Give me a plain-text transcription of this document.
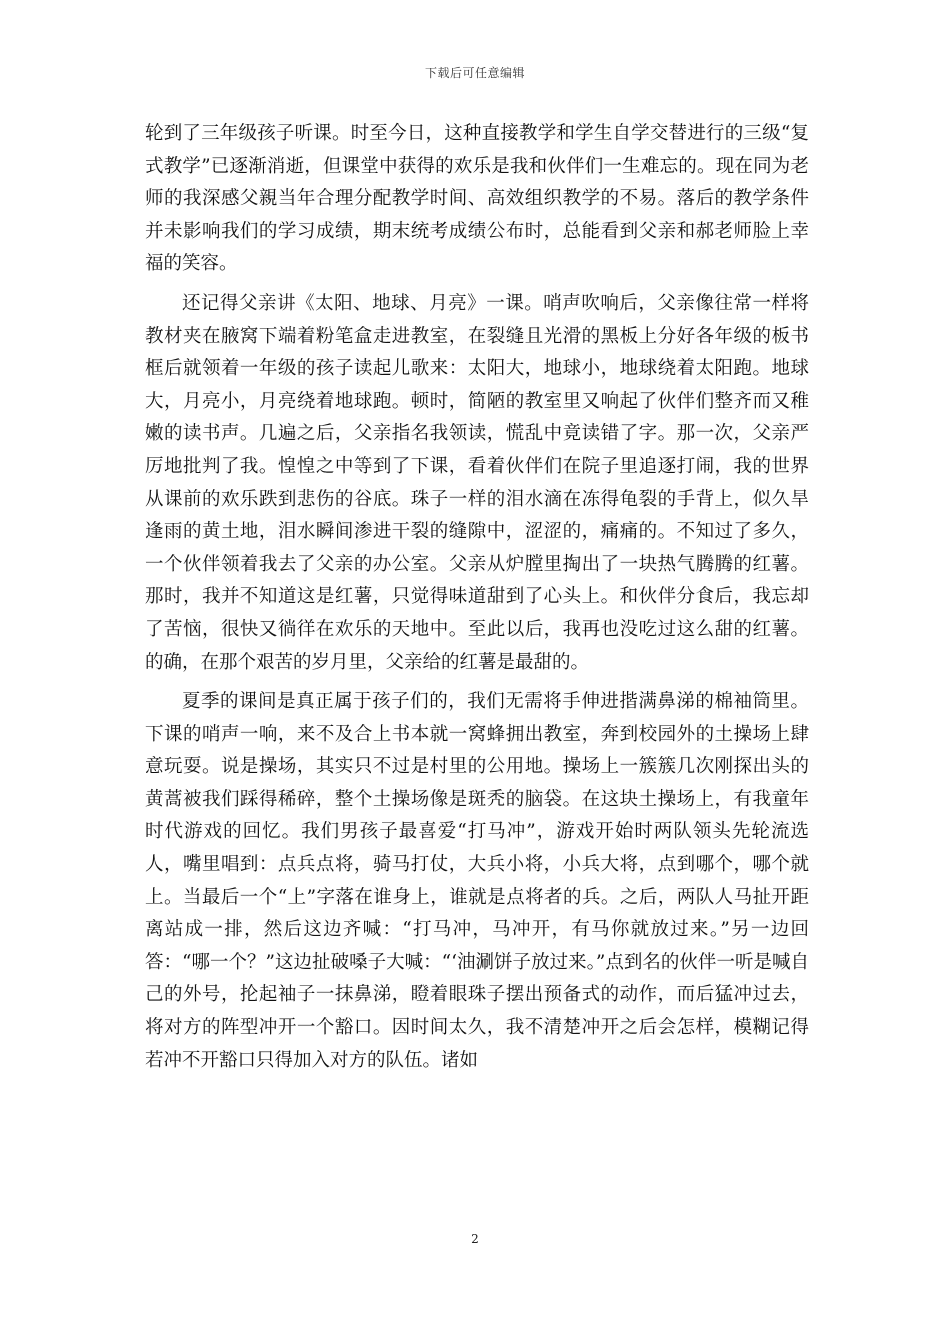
下载后可任意编辑

轮到了三年级孩子听课。时至今日，这种直接教学和学生自学交替进行的三级“复式教学”已逐渐消逝，但课堂中获得的欢乐是我和伙伴们一生难忘的。现在同为老师的我深感父親当年合理分配教学时间、高效组织教学的不易。落后的教学条件并未影响我们的学习成绩，期末统考成绩公布时，总能看到父亲和郝老师脸上幸福的笑容。

还记得父亲讲《太阳、地球、月亮》一课。哨声吹响后，父亲像往常一样将教材夹在腋窝下端着粉笔盒走进教室，在裂缝且光滑的黑板上分好各年级的板书框后就领着一年级的孩子读起儿歌来：太阳大，地球小，地球绕着太阳跑。地球大，月亮小，月亮绕着地球跑。顿时，简陋的教室里又响起了伙伴们整齐而又稚嫩的读书声。几遍之后，父亲指名我领读，慌乱中竟读错了字。那一次，父亲严厉地批判了我。惶惶之中等到了下课，看着伙伴们在院子里追逐打闹，我的世界从课前的欢乐跌到悲伤的谷底。珠子一样的泪水滴在冻得龟裂的手背上，似久旱逢雨的黄土地，泪水瞬间渗进干裂的缝隙中，涩涩的，痛痛的。不知过了多久，一个伙伴领着我去了父亲的办公室。父亲从炉膛里掏出了一块热气腾腾的红薯。那时，我并不知道这是红薯，只觉得味道甜到了心头上。和伙伴分食后，我忘却了苦恼，很快又徜徉在欢乐的天地中。至此以后，我再也没吃过这么甜的红薯。的确，在那个艰苦的岁月里，父亲给的红薯是最甜的。

夏季的课间是真正属于孩子们的，我们无需将手伸进揩满鼻涕的棉袖筒里。下课的哨声一响，来不及合上书本就一窝蜂拥出教室，奔到校园外的土操场上肆意玩耍。说是操场，其实只不过是村里的公用地。操场上一簇簇几次刚探出头的黄蒿被我们踩得稀碎，整个土操场像是斑秃的脑袋。在这块土操场上，有我童年时代游戏的回忆。我们男孩子最喜爱“打马冲”，游戏开始时两队领头先轮流选人，嘴里唱到：点兵点将，骑马打仗，大兵小将，小兵大将，点到哪个，哪个就上。当最后一个“上”字落在谁身上，谁就是点将者的兵。之后，两队人马扯开距离站成一排，然后这边齐喊：“打马冲，马冲开，有马你就放过来。”另一边回答：“哪一个？”这边扯破嗓子大喊：“‘油涮饼子放过来。”点到名的伙伴一听是喊自己的外号，抡起袖子一抹鼻涕，瞪着眼珠子摆出预备式的动作，而后猛冲过去，将对方的阵型冲开一个豁口。因时间太久，我不清楚冲开之后会怎样，模糊记得若冲不开豁口只得加入对方的队伍。诸如

2
